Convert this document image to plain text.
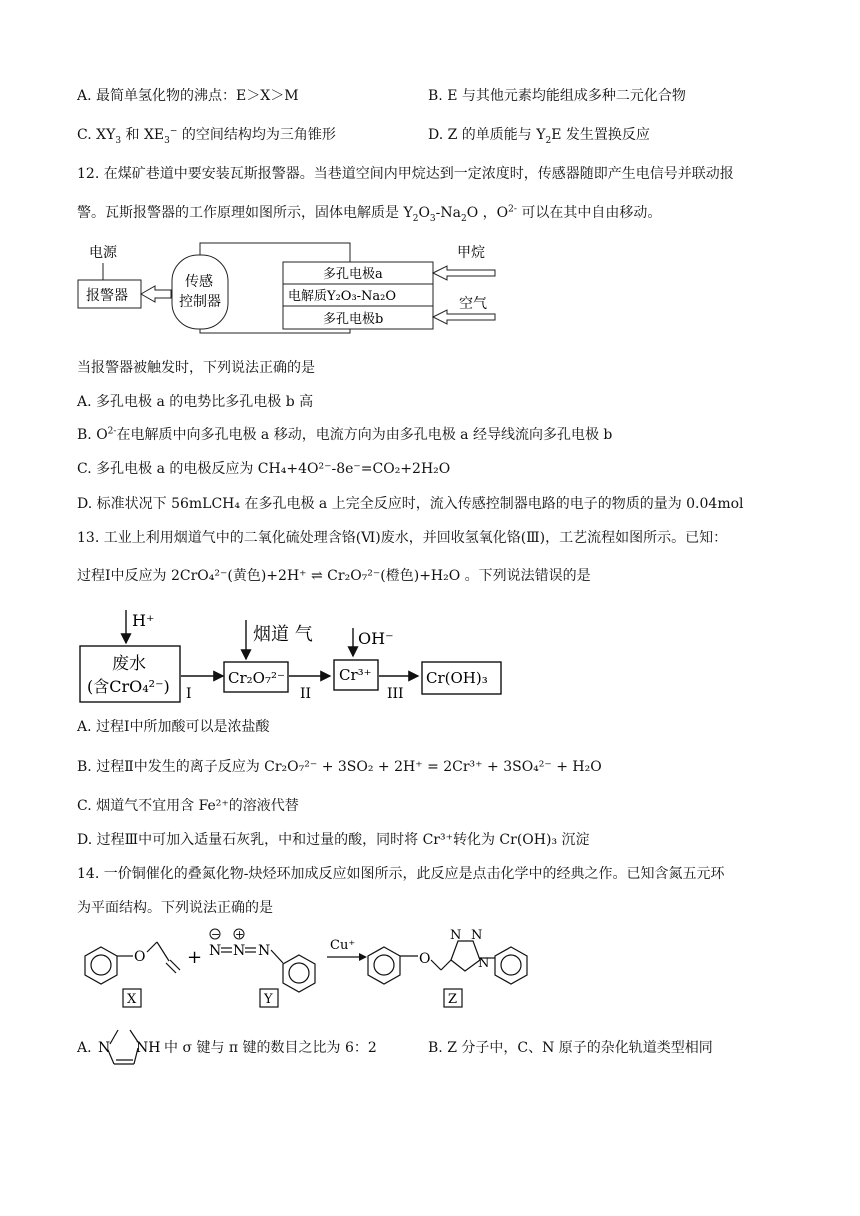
A. 最简单氢化物的沸点：E＞X＞M	B. E 与其他元素均能组成多种二元化合物
C. $XY_3$ 和 $XE_3^-$ 的空间结构均为三角锥形	D. Z 的单质能与 $Y_2E$ 发生置换反应
12. 在煤矿巷道中要安装瓦斯报警器。当巷道空间内甲烷达到一定浓度时，传感器随即产生电信号并联动报
警。瓦斯报警器的工作原理如图所示，固体电解质是 $Y_2O_3-Na_2O$ ，$O^{2-}$ 可以在其中自由移动。
电源
报警器
传感
控制器
多孔电极a
电解质Y₂O₃-Na₂O
多孔电极b
甲烷
空气
当报警器被触发时，下列说法正确的是
A. 多孔电极 a 的电势比多孔电极 b 高
B. $O^{2-}$在电解质中向多孔电极 a 移动，电流方向为由多孔电极 a 经导线流向多孔电极 b
C. 多孔电极 a 的电极反应为 CH₄+4O²⁻-8e⁻=CO₂+2H₂O
D. 标准状况下 56mLCH₄ 在多孔电极 a 上完全反应时，流入传感控制器电路的电子的物质的量为 0.04mol
13. 工业上利用烟道气中的二氧化硫处理含铬(Ⅵ)废水，并回收氢氧化铬(Ⅲ)，工艺流程如图所示。已知：
过程Ⅰ中反应为 2CrO₄²⁻(黄色)+2H⁺ ⇌ Cr₂O₇²⁻(橙色)+H₂O 。下列说法错误的是
H⁺
废水
(含CrO₄²⁻) I
烟道 气
Cr₂O₇²⁻
II
OH⁻
Cr³⁺
III
Cr(OH)₃
A. 过程Ⅰ中所加酸可以是浓盐酸
B. 过程Ⅱ中发生的离子反应为 Cr₂O₇²⁻ + 3SO₂ + 2H⁺ = 2Cr³⁺ + 3SO₄²⁻ + H₂O
C. 烟道气不宜用含 Fe²⁺的溶液代替
D. 过程Ⅲ中可加入适量石灰乳，中和过量的酸，同时将 Cr³⁺转化为 Cr(OH)₃ 沉淀
14. 一价铜催化的叠氮化物-炔烃环加成反应如图所示，此反应是点击化学中的经典之作。已知含氮五元环
为平面结构。下列说法正确的是
O + N N N
− +
Cu⁺
O
N N
N
X	Y	Z
A. N NH 中 σ 键与 π 键的数目之比为 6：2	B. Z 分子中，C、N 原子的杂化轨道类型相同
